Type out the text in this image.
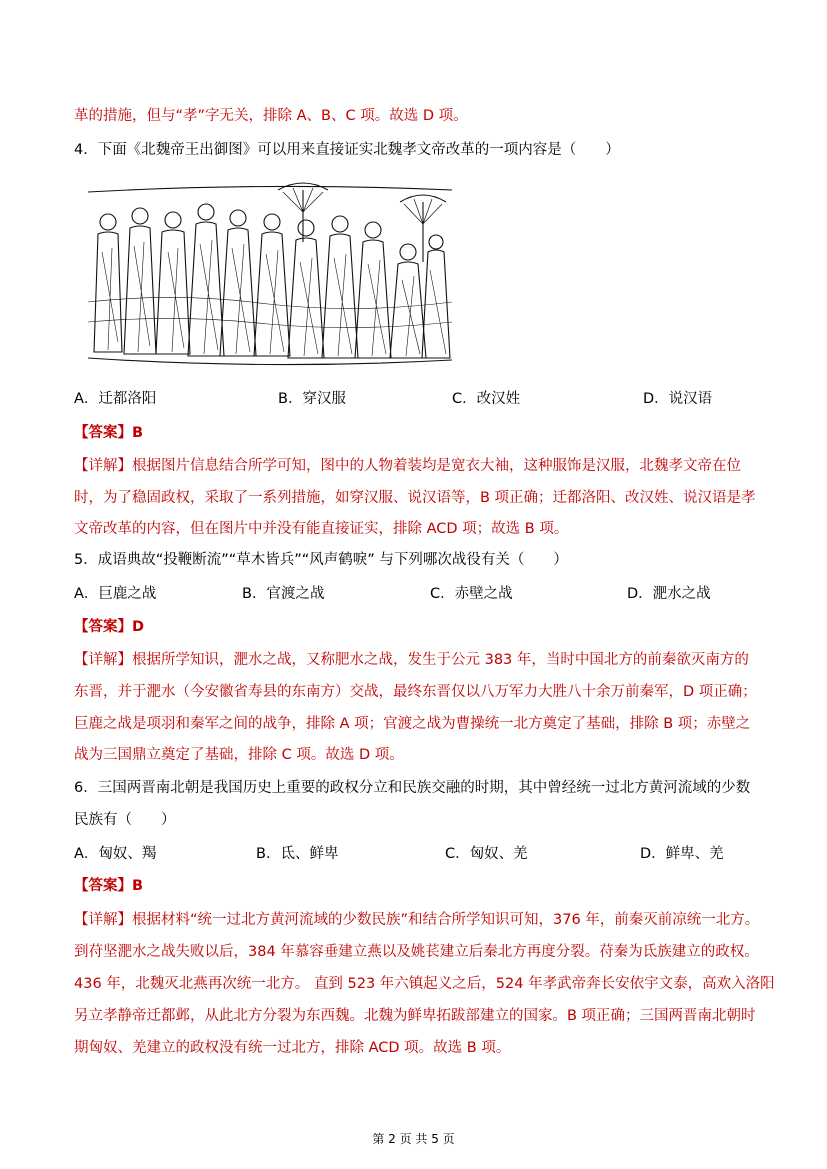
革的措施，但与“孝”字无关，排除 A、B、C 项。故选 D 项。
4．下面《北魏帝王出御图》可以用来直接证实北魏孝文帝改革的一项内容是（　　）
A．迁都洛阳	B．穿汉服	C．改汉姓	D．说汉语
【答案】B
【详解】根据图片信息结合所学可知，图中的人物着装均是宽衣大袖，这种服饰是汉服，北魏孝文帝在位
时，为了稳固政权，采取了一系列措施，如穿汉服、说汉语等，B 项正确；迁都洛阳、改汉姓、说汉语是孝
文帝改革的内容，但在图片中并没有能直接证实，排除 ACD 项；故选 B 项。
5．成语典故“投鞭断流”“草木皆兵”“风声鹤唳” 与下列哪次战役有关（　　）
A．巨鹿之战	B．官渡之战	C．赤壁之战	D．淝水之战
【答案】D
【详解】根据所学知识，淝水之战，又称肥水之战，发生于公元 383 年，当时中国北方的前秦欲灭南方的
东晋，并于淝水（今安徽省寿县的东南方）交战，最终东晋仅以八万军力大胜八十余万前秦军，D 项正确；
巨鹿之战是项羽和秦军之间的战争，排除 A 项；官渡之战为曹操统一北方奠定了基础，排除 B 项；赤壁之
战为三国鼎立奠定了基础，排除 C 项。故选 D 项。
6．三国两晋南北朝是我国历史上重要的政权分立和民族交融的时期，其中曾经统一过北方黄河流域的少数
民族有（　　）
A．匈奴、羯	B．氐、鲜卑	C．匈奴、羌	D．鲜卑、羌
【答案】B
【详解】根据材料“统一过北方黄河流域的少数民族”和结合所学知识可知，376 年，前秦灭前凉统一北方。
到苻坚淝水之战失败以后，384 年慕容垂建立燕以及姚苌建立后秦北方再度分裂。苻秦为氐族建立的政权。
436 年，北魏灭北燕再次统一北方。 直到 523 年六镇起义之后，524 年孝武帝奔长安依宇文泰，高欢入洛阳
另立孝静帝迁都邺，从此北方分裂为东西魏。北魏为鲜卑拓跋部建立的国家。B 项正确；三国两晋南北朝时
期匈奴、羌建立的政权没有统一过北方，排除 ACD 项。故选 B 项。
第 2 页 共 5 页
